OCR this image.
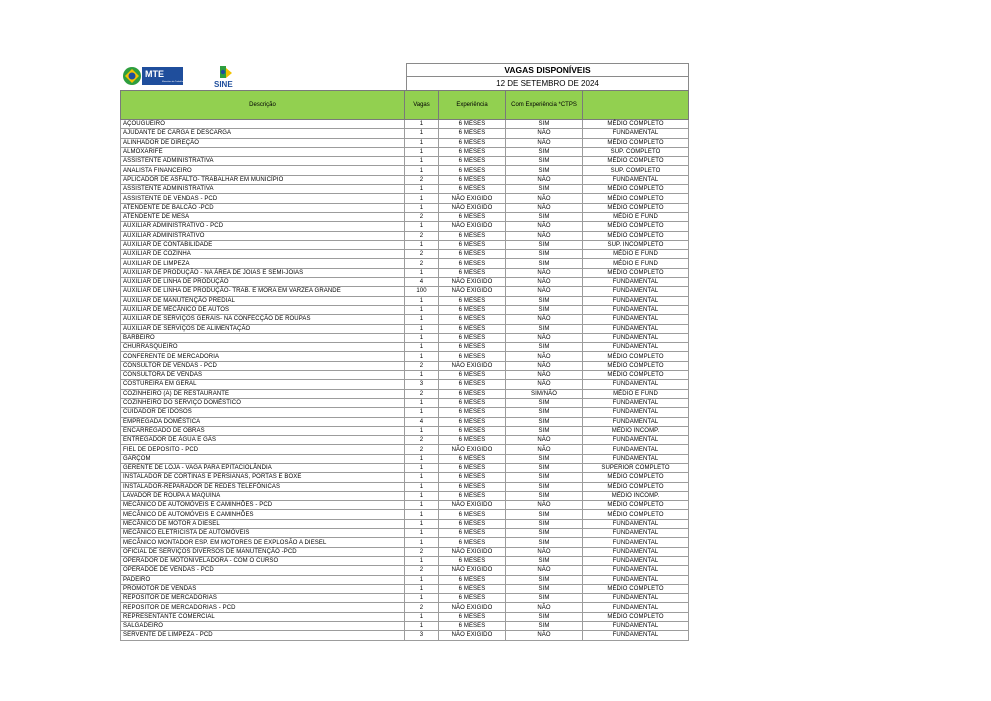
MTE
Ministério do Trabalho e Emprego SINE
VAGAS DISPONÍVEIS
12 DE SETEMBRO DE 2024
Descrição	Vagas	Experiência	Com Experiência *CTPS	
AÇOUGUEIRO	1	6 MESES	SIM	MÉDIO COMPLETO
AJUDANTE DE CARGA E DESCARGA	1	6 MESES	NÃO	FUNDAMENTAL
ALINHADOR DE DIREÇÃO	1	6 MESES	NÃO	MÉDIO COMPLETO
ALMOXARIFE	1	6 MESES	SIM	SUP. COMPLETO
ASSISTENTE ADMINISTRATIVA	1	6 MESES	SIM	MÉDIO COMPLETO
ANALISTA FINANCEIRO	1	6 MESES	SIM	SUP. COMPLETO
APLICADOR DE ASFALTO- TRABALHAR EM MUNICÍPIO	2	6 MESES	NÃO	FUNDAMENTAL
ASSISTENTE ADMINISTRATIVA	1	6 MESES	SIM	MÉDIO COMPLETO
ASSISTENTE DE VENDAS - PCD	1	NÃO EXIGIDO	NÃO	MÉDIO COMPLETO
ATENDENTE DE BALCÃO -PCD	1	NÃO EXIGIDO	NÃO	MÉDIO COMPLETO
ATENDENTE DE MESA	2	6 MESES	SIM	MÉDIO E FUND
AUXILIAR ADMINISTRATIVO - PCD	1	NÃO EXIGIDO	NÃO	MÉDIO COMPLETO
AUXILIAR ADMINISTRATIVO	2	6 MESES	NÃO	MÉDIO COMPLETO
AUXILIAR DE CONTABILIDADE	1	6 MESES	SIM	SUP. INCOMPLETO
AUXILIAR DE COZINHA	2	6 MESES	SIM	MÉDIO E FUND
AUXILIAR DE LIMPEZA	2	6 MESES	SIM	MÉDIO E FUND
AUXILIAR DE PRODUÇÃO - NA ÁREA DE JOIAS E SEMI-JOIAS	1	6 MESES	NÃO	MÉDIO COMPLETO
AUXILIAR DE LINHA DE PRODUÇÃO	4	NÃO EXIGIDO	NÃO	FUNDAMENTAL
AUXILIAR DE LINHA DE PRODUÇÃO- TRAB. E MORA EM VARZEA GRANDE	100	NÃO EXIGIDO	NÃO	FUNDAMENTAL
AUXILIAR DE MANUTENÇÃO PREDIAL	1	6 MESES	SIM	FUNDAMENTAL
AUXILIAR DE MECÂNICO DE AUTOS	1	6 MESES	SIM	FUNDAMENTAL
AUXILIAR DE SERVIÇOS GERAIS- NA CONFECÇÃO DE ROUPAS	1	6 MESES	NÃO	FUNDAMENTAL
AUXILIAR DE SERVIÇOS DE ALIMENTAÇÃO	1	6 MESES	SIM	FUNDAMENTAL
BARBEIRO	1	6 MESES	NÃO	FUNDAMENTAL
CHURRASQUEIRO	1	6 MESES	SIM	FUNDAMENTAL
CONFERENTE DE MERCADORIA	1	6 MESES	NÃO	MÉDIO COMPLETO
CONSULTOR DE VENDAS - PCD	2	NÃO EXIGIDO	NÃO	MÉDIO COMPLETO
CONSULTORA DE VENDAS	1	6 MESES	NÃO	MÉDIO COMPLETO
COSTUREIRA EM GERAL	3	6 MESES	NÃO	FUNDAMENTAL
COZINHEIRO (A) DE RESTAURANTE	2	6 MESES	SIM/NÃO	MÉDIO E FUND
COZINHEIRO DO SERVIÇO DOMÉSTICO	1	6 MESES	SIM	FUNDAMENTAL
CUIDADOR DE IDOSOS	1	6 MESES	SIM	FUNDAMENTAL
EMPREGADA DOMÉSTICA	4	6 MESES	SIM	FUNDAMENTAL
ENCARREGADO DE OBRAS	1	6 MESES	SIM	MÉDIO INCOMP.
ENTREGADOR DE ÁGUA E GÁS	2	6 MESES	NÃO	FUNDAMENTAL
FIEL DE DEPOSITO - PCD	2	NÃO EXIGIDO	NÃO	FUNDAMENTAL
GARÇOM	1	6 MESES	SIM	FUNDAMENTAL
GERENTE DE LOJA - VAGA PARA EPITACIOLÂNDIA	1	6 MESES	SIM	SUPERIOR COMPLETO
INSTALADOR DE CORTINAS E PERSIANAS, PORTAS E BOXE	1	6 MESES	SIM	MÉDIO COMPLETO
INSTALADOR-REPARADOR DE REDES TELEFÔNICAS	1	6 MESES	SIM	MÉDIO COMPLETO
LAVADOR DE ROUPA A MAQUINA	1	6 MESES	SIM	MÉDIO INCOMP.
MECÂNICO DE AUTOMÓVEIS E CAMINHÕES - PCD	1	NÃO EXIGIDO	NÃO	MÉDIO COMPLETO
MECÂNICO DE AUTOMÓVEIS E CAMINHÕES	1	6 MESES	SIM	MÉDIO COMPLETO
MECÂNICO DE MOTOR A DIESEL	1	6 MESES	SIM	FUNDAMENTAL
MECÂNICO ELETRICISTA DE AUTOMÓVEIS	1	6 MESES	SIM	FUNDAMENTAL
MECÂNICO MONTADOR ESP. EM MOTORES DE EXPLOSÃO A DIESEL	1	6 MESES	SIM	FUNDAMENTAL
OFICIAL DE SERVIÇOS DIVERSOS DE MANUTENÇÃO -PCD	2	NÃO EXIGIDO	NÃO	FUNDAMENTAL
OPERADOR DE MOTONIVELADORA - COM O CURSO	1	6 MESES	SIM	FUNDAMENTAL
OPERADOE DE VENDAS - PCD	2	NÃO EXIGIDO	NÃO	FUNDAMENTAL
PADEIRO	1	6 MESES	SIM	FUNDAMENTAL
PROMOTOR DE VENDAS	1	6 MESES	SIM	MÉDIO COMPLETO
REPOSITOR DE MERCADORIAS	1	6 MESES	SIM	FUNDAMENTAL
REPOSITOR DE MERCADORIAS - PCD	2	NÃO EXIGIDO	NÃO	FUNDAMENTAL
REPRESENTANTE COMERCIAL	1	6 MESES	SIM	MÉDIO COMPLETO
SALGADEIRO	1	6 MESES	SIM	FUNDAMENTAL
SERVENTE DE LIMPEZA - PCD	3	NÃO EXIGIDO	NÃO	FUNDAMENTAL
